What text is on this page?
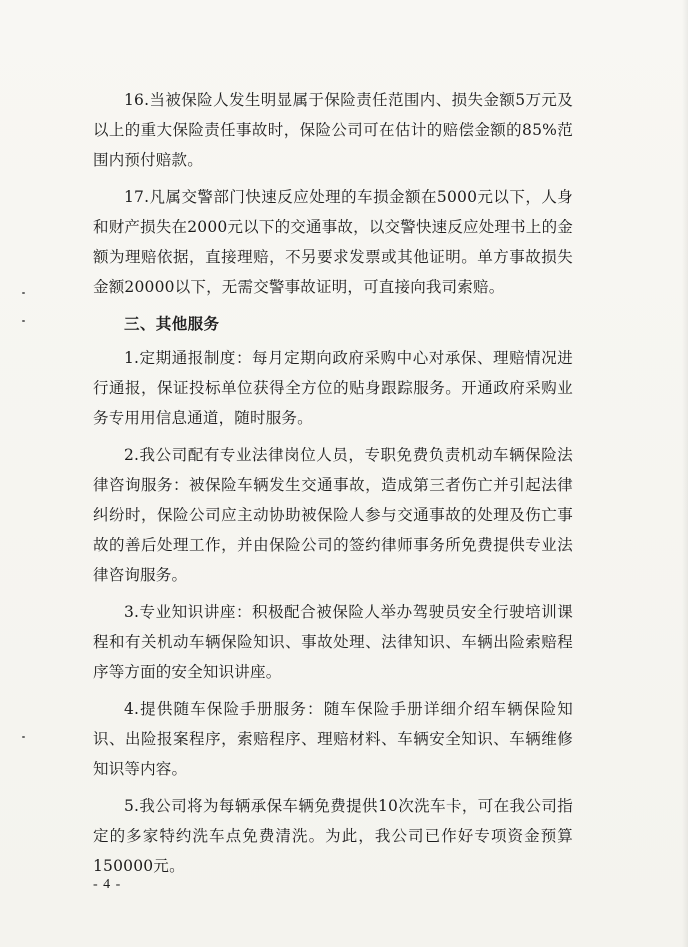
16.当被保险人发生明显属于保险责任范围内、损失金额5万元及以上的重大保险责任事故时，保险公司可在估计的赔偿金额的85%范围内预付赔款。

17.凡属交警部门快速反应处理的车损金额在5000元以下，人身和财产损失在2000元以下的交通事故，以交警快速反应处理书上的金额为理赔依据，直接理赔，不另要求发票或其他证明。单方事故损失金额20000以下，无需交警事故证明，可直接向我司索赔。

三、其他服务

1.定期通报制度：每月定期向政府采购中心对承保、理赔情况进行通报，保证投标单位获得全方位的贴身跟踪服务。开通政府采购业务专用用信息通道，随时服务。

2.我公司配有专业法律岗位人员，专职免费负责机动车辆保险法律咨询服务：被保险车辆发生交通事故，造成第三者伤亡并引起法律纠纷时，保险公司应主动协助被保险人参与交通事故的处理及伤亡事故的善后处理工作，并由保险公司的签约律师事务所免费提供专业法律咨询服务。

3.专业知识讲座：积极配合被保险人举办驾驶员安全行驶培训课程和有关机动车辆保险知识、事故处理、法律知识、车辆出险索赔程序等方面的安全知识讲座。

4.提供随车保险手册服务：随车保险手册详细介绍车辆保险知识、出险报案程序，索赔程序、理赔材料、车辆安全知识、车辆维修知识等内容。

5.我公司将为每辆承保车辆免费提供10次洗车卡，可在我公司指定的多家特约洗车点免费清洗。为此，我公司已作好专项资金预算150000元。

- 4 -
